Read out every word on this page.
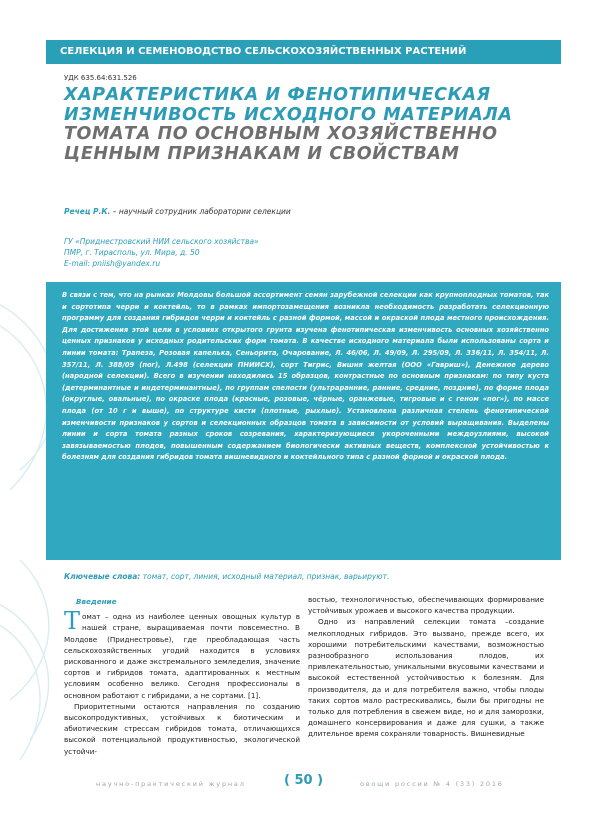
СЕЛЕКЦИЯ И СЕМЕНОВОДСТВО СЕЛЬСКОХОЗЯЙСТВЕННЫХ РАСТЕНИЙ
УДК 635.64:631.526
ХАРАКТЕРИСТИКА И ФЕНОТИПИЧЕСКАЯ
ИЗМЕНЧИВОСТЬ ИСХОДНОГО МАТЕРИАЛА
ТОМАТА ПО ОСНОВНЫМ ХОЗЯЙСТВЕННО
ЦЕННЫМ ПРИЗНАКАМ И СВОЙСТВАМ
Речец Р.К. – научный сотрудник лаборатории селекции
ГУ «Приднестровский НИИ сельского хозяйства»
ПМР, г. Тирасполь, ул. Мира, д. 50
E-mail: pniish@yandex.ru
В связи с тем, что на рынках Молдовы большой ассортимент семян зарубежной селекции как крупноплодных томатов, так и сортотипа черри и коктейль, то в рамках импортозамещения возникла необходимость разработать селекционную программу для создания гибридов черри и коктейль с разной формой, массой и окраской плода местного происхождения. Для достижения этой цели в условиях открытого грунта изучена фенотипическая изменчивость основных хозяйственно ценных признаков у исходных родительских форм томата. В качестве исходного материала были использованы сорта и линии томата: Трапеза, Розовая капелька, Сеньорита, Очарование, Л. 46/06, Л. 49/09, Л. 295/09, Л. 336/11, Л. 354/11, Л. 357/11, Л. 388/09 (пог), Л.498 (селекции ПНИИСХ), сорт Тигрис, Вишня желтая (ООО «Гавриш»), Денежное дерево (народной селекции). Всего в изучении находились 15 образцов, контрастные по основным признакам: по типу куста (детерминантные и индетерминантные), по группам спелости (ультраранние, ранние, средние, поздние), по форме плода (округлые, овальные), по окраске плода (красные, розовые, чёрные, оранжевые, тигровые и с геном «пог»), по массе плода (от 10 г и выше), по структуре кисти (плотные, рыхлые). Установлена различная степень фенотипической изменчивости признаков у сортов и селекционных образцов томата в зависимости от условий выращивания. Выделены линии и сорта томата разных сроков созревания, характеризующиеся укороченными междоузлиями, высокой завязываемостью плодов, повышенным содержанием биологически активных веществ, комплексной устойчивостью к болезням для создания гибридов томата вишневидного и коктейльного типа с разной формой и окраской плода.
Ключевые слова: томат, сорт, линия, исходный материал, признак, варьируют.
Введение

Томат – одна из наиболее ценных овощных культур в нашей стране, выращиваемая почти повсеместно. В Молдове (Приднестровье), где преобладающая часть сельскохозяйственных угодий находится в условиях рискованного и даже экстремального земледелия, значение сортов и гибридов томата, адаптированных к местным условиям особенно велико. Сегодня профессионалы в основном работают с гибридами, а не сортами. [1].

Приоритетными остаются направления по созданию высокопродуктивных, устойчивых к биотическим и абиотическим стрессам гибридов томата, отличающихся высокой потенциальной продуктивностью, экологической устойчи-

востью, технологичностью, обеспечивающих формирование устойчивых урожаев и высокого качества продукции.

Одно из направлений селекции томата –создание мелкоплодных гибридов. Это вызвано, прежде всего, их хорошими потребительскими качествами, возможностью разнообразного использования плодов, их привлекательностью, уникальными вкусовыми качествами и высокой естественной устойчивостью к болезням. Для производителя, да и для потребителя важно, чтобы плоды таких сортов мало растрескивались, были бы пригодны не только для потребления в свежем виде, но и для заморозки, домашнего консервирования и даже для сушки, а также длительное время сохраняли товарность. Вишневидные

научно-практический журнал	( 50 )	овощи россии № 4 (33) 2016
